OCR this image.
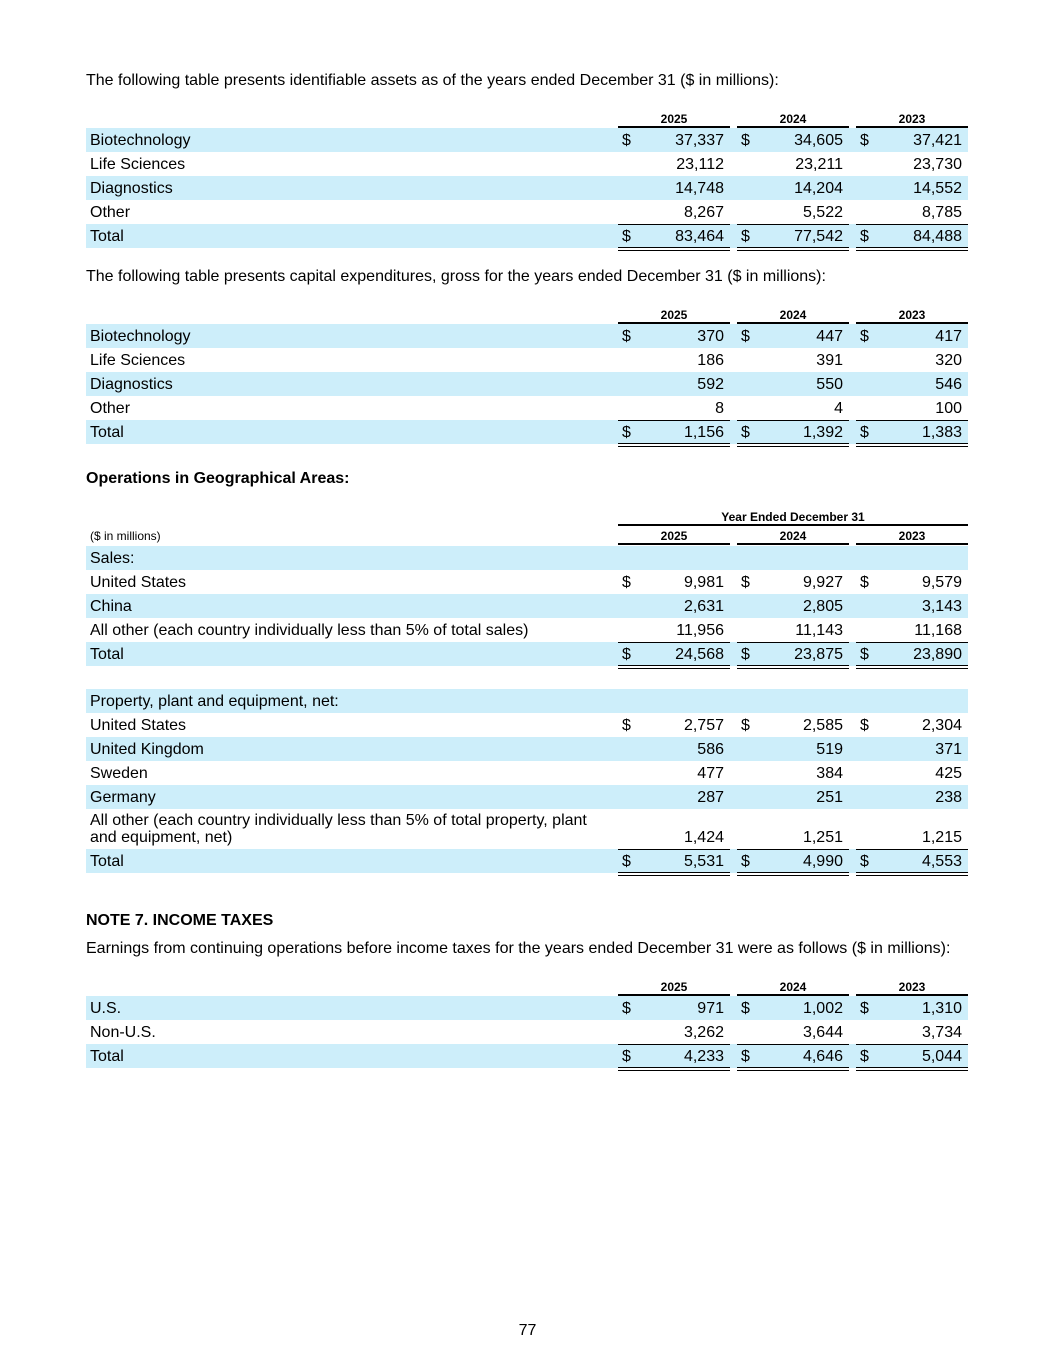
The following table presents identifiable assets as of the years ended December 31 ($ in millions):
2025	2024	2023
Biotechnology	$	37,337 $	34,605 $	37,421
Life Sciences	23,112	23,211	23,730
Diagnostics	14,748	14,204	14,552
Other	8,267	5,522	8,785
Total	$	83,464 $	77,542 $	84,488
The following table presents capital expenditures, gross for the years ended December 31 ($ in millions):
2025	2024	2023
Biotechnology	$	370 $	447 $	417
Life Sciences	186	391	320
Diagnostics	592	550	546
Other	8	4	100
Total	$	1,156 $	1,392 $	1,383
Operations in Geographical Areas:
Year Ended December 31
($ in millions)	2025	2024	2023
Sales:
United States	$	9,981 $	9,927 $	9,579
China	2,631	2,805	3,143
All other (each country individually less than 5% of total sales)	11,956	11,143	11,168
Total	$	24,568 $	23,875 $	23,890
Property, plant and equipment, net:
United States	$	2,757 $	2,585 $	2,304
United Kingdom	586	519	371
Sweden	477	384	425
Germany	287	251	238
All other (each country individually less than 5% of total property, plant and equipment, net)	1,424	1,251	1,215
Total	$	5,531 $	4,990 $	4,553
NOTE 7. INCOME TAXES
Earnings from continuing operations before income taxes for the years ended December 31 were as follows ($ in millions):
2025	2024	2023
U.S.	$	971 $	1,002 $	1,310
Non-U.S.	3,262	3,644	3,734
Total	$	4,233 $	4,646 $	5,044
77
